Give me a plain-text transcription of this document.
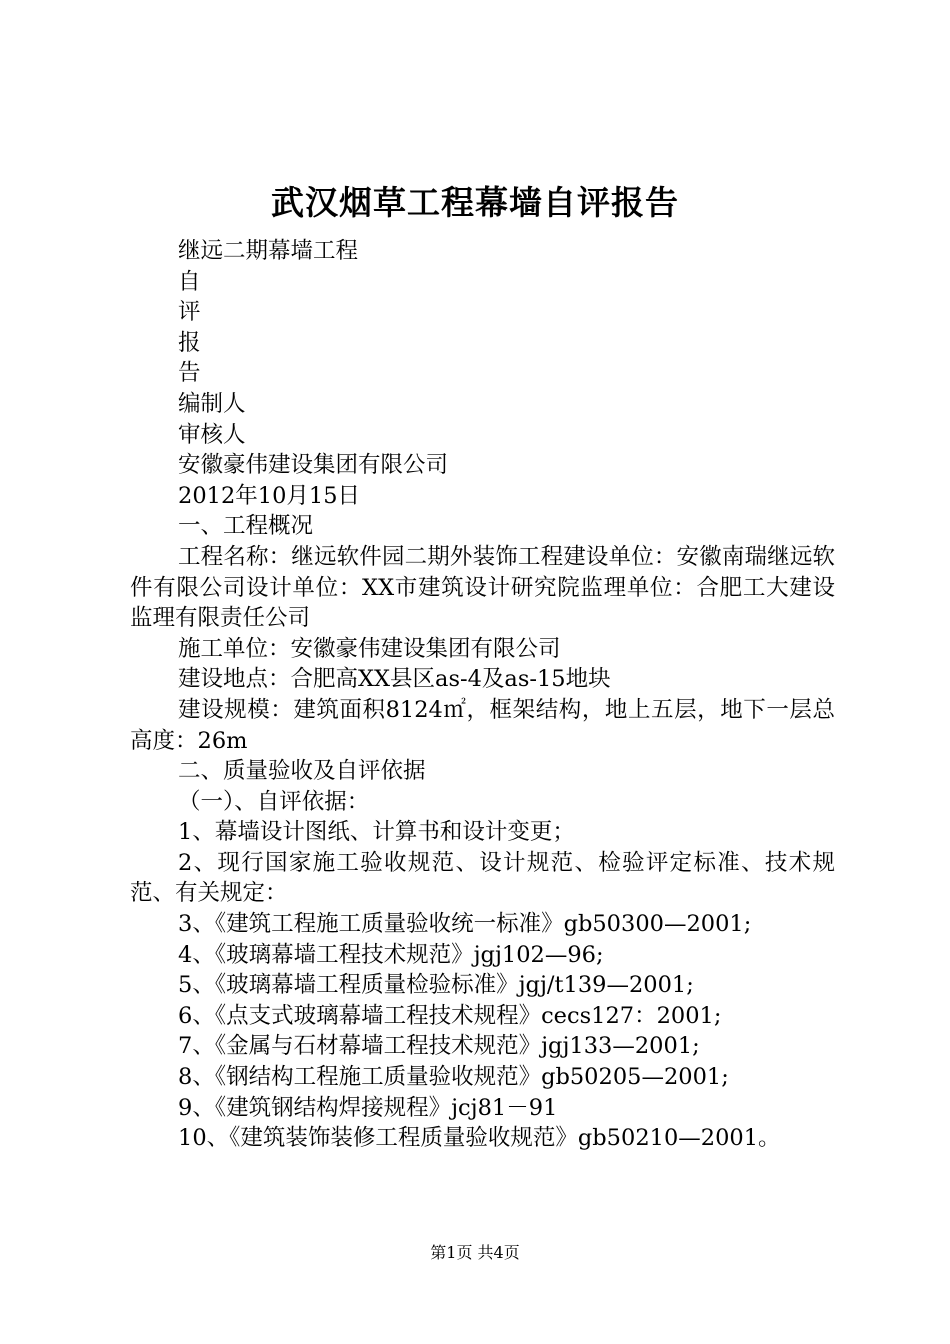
武汉烟草工程幕墙自评报告

继远二期幕墙工程

自

评

报

告

编制人

审核人

安徽豪伟建设集团有限公司

2012年10月15日

一、工程概况

工程名称：继远软件园二期外装饰工程建设单位：安徽南瑞继远软件有限公司设计单位：XX市建筑设计研究院监理单位：合肥工大建设监理有限责任公司

施工单位：安徽豪伟建设集团有限公司

建设地点：合肥高XX县区as-4及as-15地块

建设规模：建筑面积8124㎡，框架结构，地上五层，地下一层总高度：26m

二、质量验收及自评依据

（一）、自评依据：

1、幕墙设计图纸、计算书和设计变更；

2、现行国家施工验收规范、设计规范、检验评定标准、技术规范、有关规定：

3、《建筑工程施工质量验收统一标准》gb50300—2001;

4、《玻璃幕墙工程技术规范》jgj102—96;

5、《玻璃幕墙工程质量检验标准》jgj/t139—2001;

6、《点支式玻璃幕墙工程技术规程》cecs127：2001;

7、《金属与石材幕墙工程技术规范》jgj133—2001;

8、《钢结构工程施工质量验收规范》gb50205—2001;

9、《建筑钢结构焊接规程》jcj81－91

10、《建筑装饰装修工程质量验收规范》gb50210—2001。

第1页 共4页
